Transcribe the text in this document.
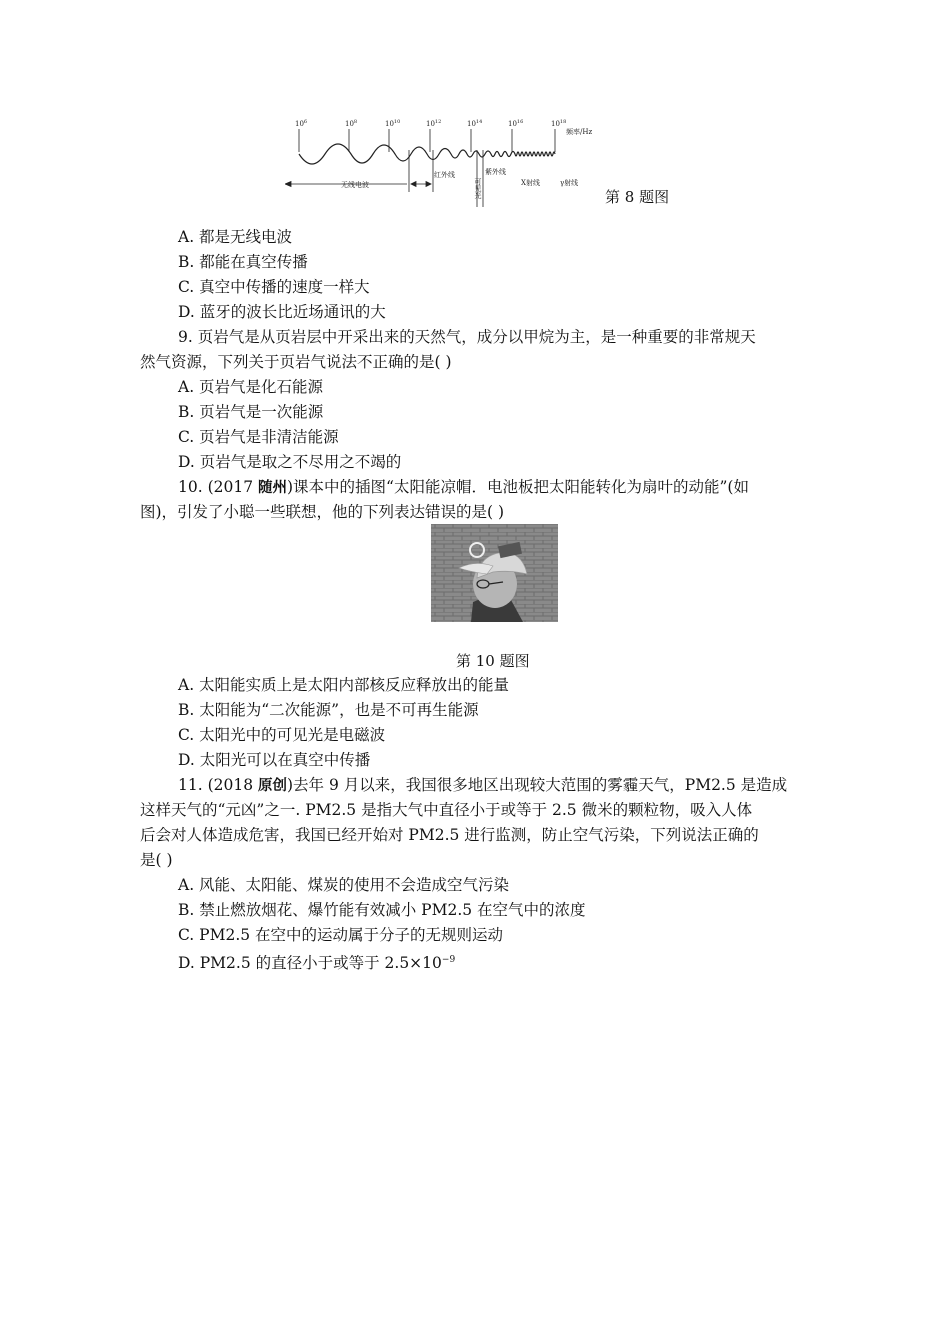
$10^6$	$10^8$	$10^{10}$	$10^{12}$	$10^{14}$	$10^{16}$	$10^{18}$
频率/Hz
无线电波
红外线	紫外线
可见光	X射线	γ射线
第 8 题图
A. 都是无线电波
B. 都能在真空传播
C. 真空中传播的速度一样大
D. 蓝牙的波长比近场通讯的大
9. 页岩气是从页岩层中开采出来的天然气，成分以甲烷为主，是一种重要的非常规天
然气资源，下列关于页岩气说法不正确的是( )
A. 页岩气是化石能源
B. 页岩气是一次能源
C. 页岩气是非清洁能源
D. 页岩气是取之不尽用之不竭的
10. (2017 随州)课本中的插图“太阳能凉帽．电池板把太阳能转化为扇叶的动能”(如
图)，引发了小聪一些联想，他的下列表达错误的是( )
第 10 题图
A. 太阳能实质上是太阳内部核反应释放出的能量
B. 太阳能为“二次能源”，也是不可再生能源
C. 太阳光中的可见光是电磁波
D. 太阳光可以在真空中传播
11. (2018 原创)去年 9 月以来，我国很多地区出现较大范围的雾霾天气，PM2.5 是造成
这样天气的“元凶”之一. PM2.5 是指大气中直径小于或等于 2.5 微米的颗粒物，吸入人体
后会对人体造成危害，我国已经开始对 PM2.5 进行监测，防止空气污染，下列说法正确的
是( )
A. 风能、太阳能、煤炭的使用不会造成空气污染
B. 禁止燃放烟花、爆竹能有效减小 PM2.5 在空气中的浓度
C. PM2.5 在空中的运动属于分子的无规则运动
D. PM2.5 的直径小于或等于 $2.5\times 10^{-9}$
